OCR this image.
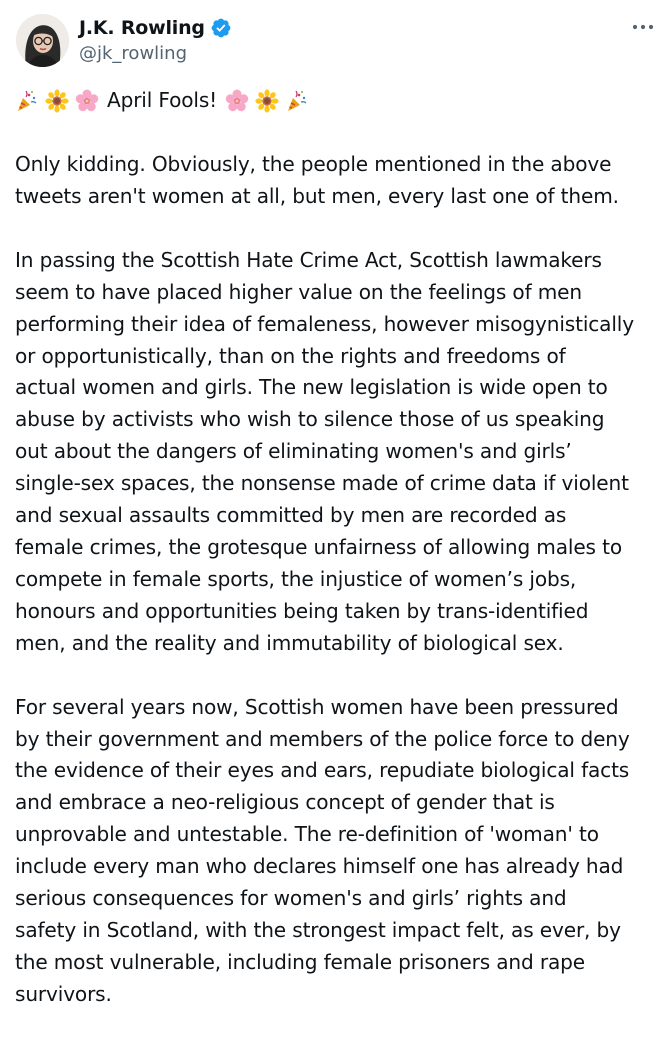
J.K. Rowling
@jk_rowling
April Fools!

Only kidding. Obviously, the people mentioned in the above
tweets aren't women at all, but men, every last one of them.

In passing the Scottish Hate Crime Act, Scottish lawmakers
seem to have placed higher value on the feelings of men
performing their idea of femaleness, however misogynistically
or opportunistically, than on the rights and freedoms of
actual women and girls. The new legislation is wide open to
abuse by activists who wish to silence those of us speaking
out about the dangers of eliminating women's and girls’
single-sex spaces, the nonsense made of crime data if violent
and sexual assaults committed by men are recorded as
female crimes, the grotesque unfairness of allowing males to
compete in female sports, the injustice of women’s jobs,
honours and opportunities being taken by trans-identified
men, and the reality and immutability of biological sex.

For several years now, Scottish women have been pressured
by their government and members of the police force to deny
the evidence of their eyes and ears, repudiate biological facts
and embrace a neo-religious concept of gender that is
unprovable and untestable. The re-definition of 'woman' to
include every man who declares himself one has already had
serious consequences for women's and girls’ rights and
safety in Scotland, with the strongest impact felt, as ever, by
the most vulnerable, including female prisoners and rape
survivors.
